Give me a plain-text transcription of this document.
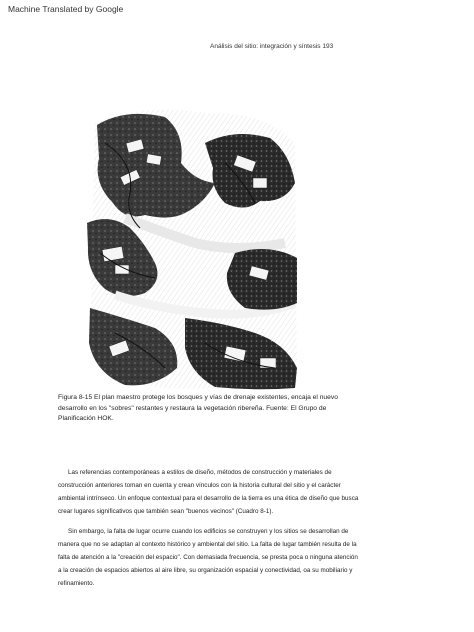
Machine Translated by Google
Análisis del sitio: integración y síntesis 193
Figura 8-15 El plan maestro protege los bosques y vías de drenaje existentes, encaja el nuevo desarrollo en los "sobres" restantes y restaura la vegetación ribereña. Fuente: El Grupo de Planificación HOK.

Las referencias contemporáneas a estilos de diseño, métodos de construcción y materiales de construcción anteriores toman en cuenta y crean vínculos con la historia cultural del sitio y el carácter ambiental intrínseco. Un enfoque contextual para el desarrollo de la tierra es una ética de diseño que busca crear lugares significativos que también sean "buenos vecinos" (Cuadro 8-1).

Sin embargo, la falta de lugar ocurre cuando los edificios se construyen y los sitios se desarrollan de manera que no se adaptan al contexto histórico y ambiental del sitio. La falta de lugar también resulta de la falta de atención a la "creación del espacio". Con demasiada frecuencia, se presta poca o ninguna atención a la creación de espacios abiertos al aire libre, su organización espacial y conectividad, oa su mobiliario y refinamiento.
